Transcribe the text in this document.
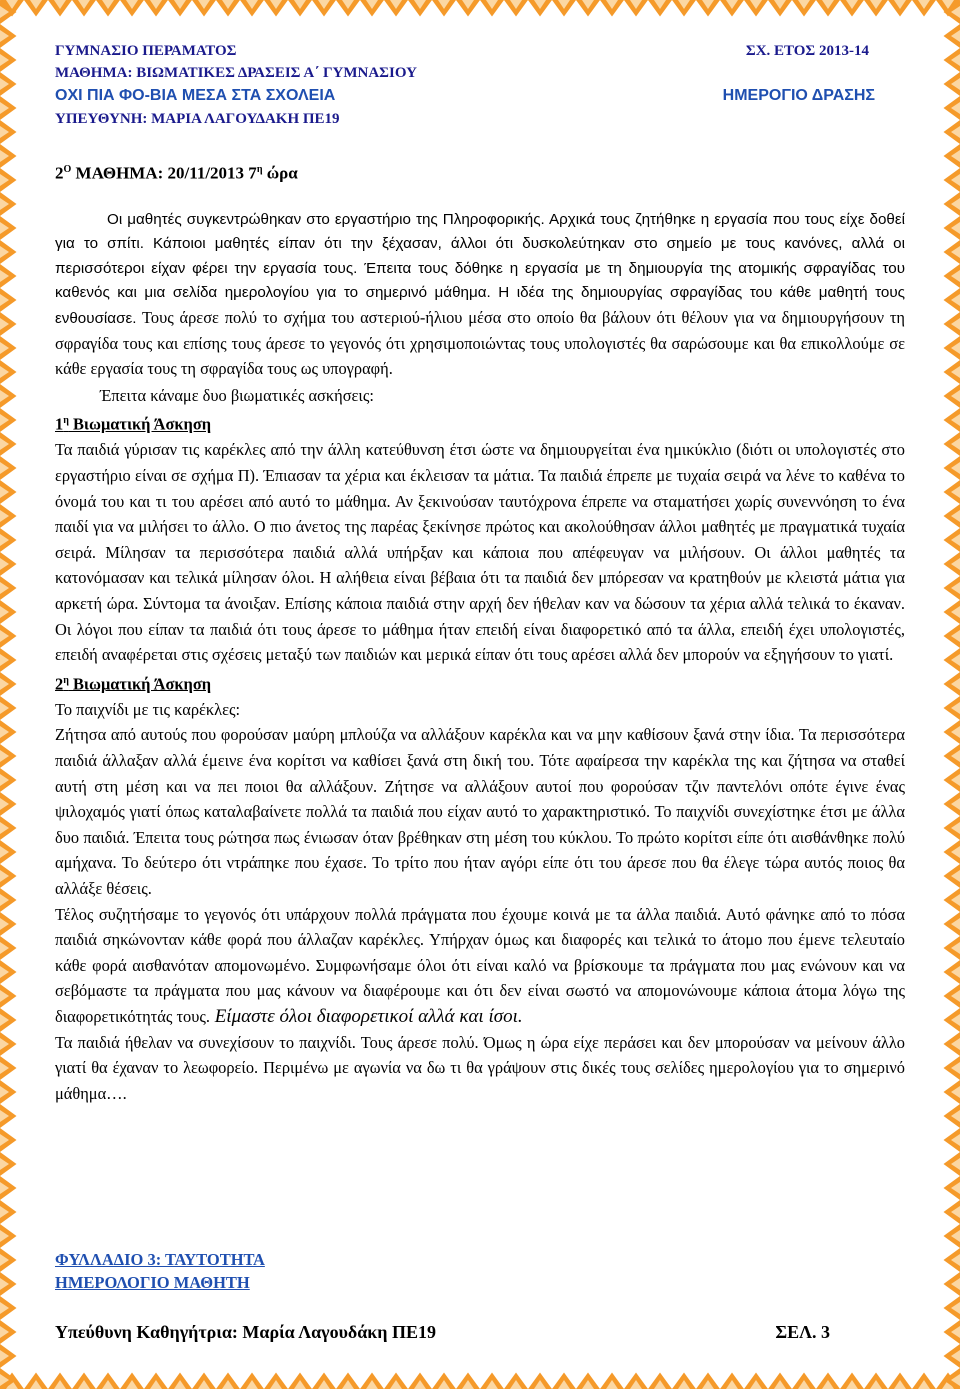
ΓΥΜΝΑΣΙΟ ΠΕΡΑΜΑΤΟΣ	ΣΧ. ΕΤΟΣ 2013-14
ΜΑΘΗΜΑ: ΒΙΩΜΑΤΙΚΕΣ ΔΡΑΣΕΙΣ Α΄ ΓΥΜΝΑΣΙΟΥ
ΟΧΙ ΠΙΑ ΦΟ-ΒΙΑ ΜΕΣΑ ΣΤΑ ΣΧΟΛΕΙΑ	ΗΜΕΡΟΓΙΟ ΔΡΑΣΗΣ
ΥΠΕΥΘΥΝΗ: ΜΑΡΙΑ ΛΑΓΟΥΔΑΚΗ ΠΕ19
$2^O$ ΜΑΘΗΜΑ: 20/11/2013 $7^\eta$ ώρα

Οι μαθητές συγκεντρώθηκαν στο εργαστήριο της Πληροφορικής. Αρχικά τους ζητήθηκε η εργασία που τους είχε δοθεί για το σπίτι. Κάποιοι μαθητές είπαν ότι την ξέχασαν, άλλοι ότι δυσκολεύτηκαν στο σημείο με τους κανόνες, αλλά οι περισσότεροι είχαν φέρει την εργασία τους. Έπειτα τους δόθηκε η εργασία με τη δημιουργία της ατομικής σφραγίδας του καθενός και μια σελίδα ημερολογίου για το σημερινό μάθημα. Η ιδέα της δημιουργίας σφραγίδας του κάθε μαθητή τους ενθουσίασε. Τους άρεσε πολύ το σχήμα του αστεριού-ήλιου μέσα στο οποίο θα βάλουν ότι θέλουν για να δημιουργήσουν τη σφραγίδα τους και επίσης τους άρεσε το γεγονός ότι χρησιμοποιώντας τους υπολογιστές θα σαρώσουμε και θα επικολλούμε σε κάθε εργασία τους τη σφραγίδα τους ως υπογραφή.

Έπειτα κάναμε δυο βιωματικές ασκήσεις:

$1^\eta$ Βιωματική Άσκηση

Τα παιδιά γύρισαν τις καρέκλες από την άλλη κατεύθυνση έτσι ώστε να δημιουργείται ένα ημικύκλιο (διότι οι υπολογιστές στο εργαστήριο είναι σε σχήμα Π). Έπιασαν τα χέρια και έκλεισαν τα μάτια. Τα παιδιά έπρεπε με τυχαία σειρά να λένε το καθένα το όνομά του και τι του αρέσει από αυτό το μάθημα. Αν ξεκινούσαν ταυτόχρονα έπρεπε να σταματήσει χωρίς συνεννόηση το ένα παιδί για να μιλήσει το άλλο. Ο πιο άνετος της παρέας ξεκίνησε πρώτος και ακολούθησαν άλλοι μαθητές με πραγματικά τυχαία σειρά. Μίλησαν τα περισσότερα παιδιά αλλά υπήρξαν και κάποια που απέφευγαν να μιλήσουν. Οι άλλοι μαθητές τα κατονόμασαν και τελικά μίλησαν όλοι. Η αλήθεια είναι βέβαια ότι τα παιδιά δεν μπόρεσαν να κρατηθούν με κλειστά μάτια για αρκετή ώρα. Σύντομα τα άνοιξαν. Επίσης κάποια παιδιά στην αρχή δεν ήθελαν καν να δώσουν τα χέρια αλλά τελικά το έκαναν. Οι λόγοι που είπαν τα παιδιά ότι τους άρεσε το μάθημα ήταν επειδή είναι διαφορετικό από τα άλλα, επειδή έχει υπολογιστές, επειδή αναφέρεται στις σχέσεις μεταξύ των παιδιών και μερικά είπαν ότι τους αρέσει αλλά δεν μπορούν να εξηγήσουν το γιατί.

$2^\eta$ Βιωματική Άσκηση

Το παιχνίδι με τις καρέκλες:

Ζήτησα από αυτούς που φορούσαν μαύρη μπλούζα να αλλάξουν καρέκλα και να μην καθίσουν ξανά στην ίδια. Τα περισσότερα παιδιά άλλαξαν αλλά έμεινε ένα κορίτσι να καθίσει ξανά στη δική του. Τότε αφαίρεσα την καρέκλα της και ζήτησα να σταθεί αυτή στη μέση και να πει ποιοι θα αλλάξουν. Ζήτησε να αλλάξουν αυτοί που φορούσαν τζιν παντελόνι οπότε έγινε ένας ψιλοχαμός γιατί όπως καταλαβαίνετε πολλά τα παιδιά που είχαν αυτό το χαρακτηριστικό. Το παιχνίδι συνεχίστηκε έτσι με άλλα δυο παιδιά. Έπειτα τους ρώτησα πως ένιωσαν όταν βρέθηκαν στη μέση του κύκλου. Το πρώτο κορίτσι είπε ότι αισθάνθηκε πολύ αμήχανα. Το δεύτερο ότι ντράπηκε που έχασε. Το τρίτο που ήταν αγόρι είπε ότι του άρεσε που θα έλεγε τώρα αυτός ποιος θα αλλάξε θέσεις.

Τέλος συζητήσαμε το γεγονός ότι υπάρχουν πολλά πράγματα που έχουμε κοινά με τα άλλα παιδιά. Αυτό φάνηκε από το πόσα παιδιά σηκώνονταν κάθε φορά που άλλαζαν καρέκλες. Υπήρχαν όμως και διαφορές και τελικά το άτομο που έμενε τελευταίο κάθε φορά αισθανόταν απομονωμένο. Συμφωνήσαμε όλοι ότι είναι καλό να βρίσκουμε τα πράγματα που μας ενώνουν και να σεβόμαστε τα πράγματα που μας κάνουν να διαφέρουμε και ότι δεν είναι σωστό να απομονώνουμε κάποια άτομα λόγω της διαφορετικότητάς τους. Είμαστε όλοι διαφορετικοί αλλά και ίσοι.

Τα παιδιά ήθελαν να συνεχίσουν το παιχνίδι. Τους άρεσε πολύ. Όμως η ώρα είχε περάσει και δεν μπορούσαν να μείνουν άλλο γιατί θα έχαναν το λεωφορείο. Περιμένω με αγωνία να δω τι θα γράψουν στις δικές τους σελίδες ημερολογίου για το σημερινό μάθημα….

ΦΥΛΛΑΔΙΟ 3: ΤΑΥΤΟΤΗΤΑ
ΗΜΕΡΟΛΟΓΙΟ ΜΑΘΗΤΗ
Υπεύθυνη Καθηγήτρια: Μαρία Λαγουδάκη ΠΕ19	ΣΕΛ. 3
